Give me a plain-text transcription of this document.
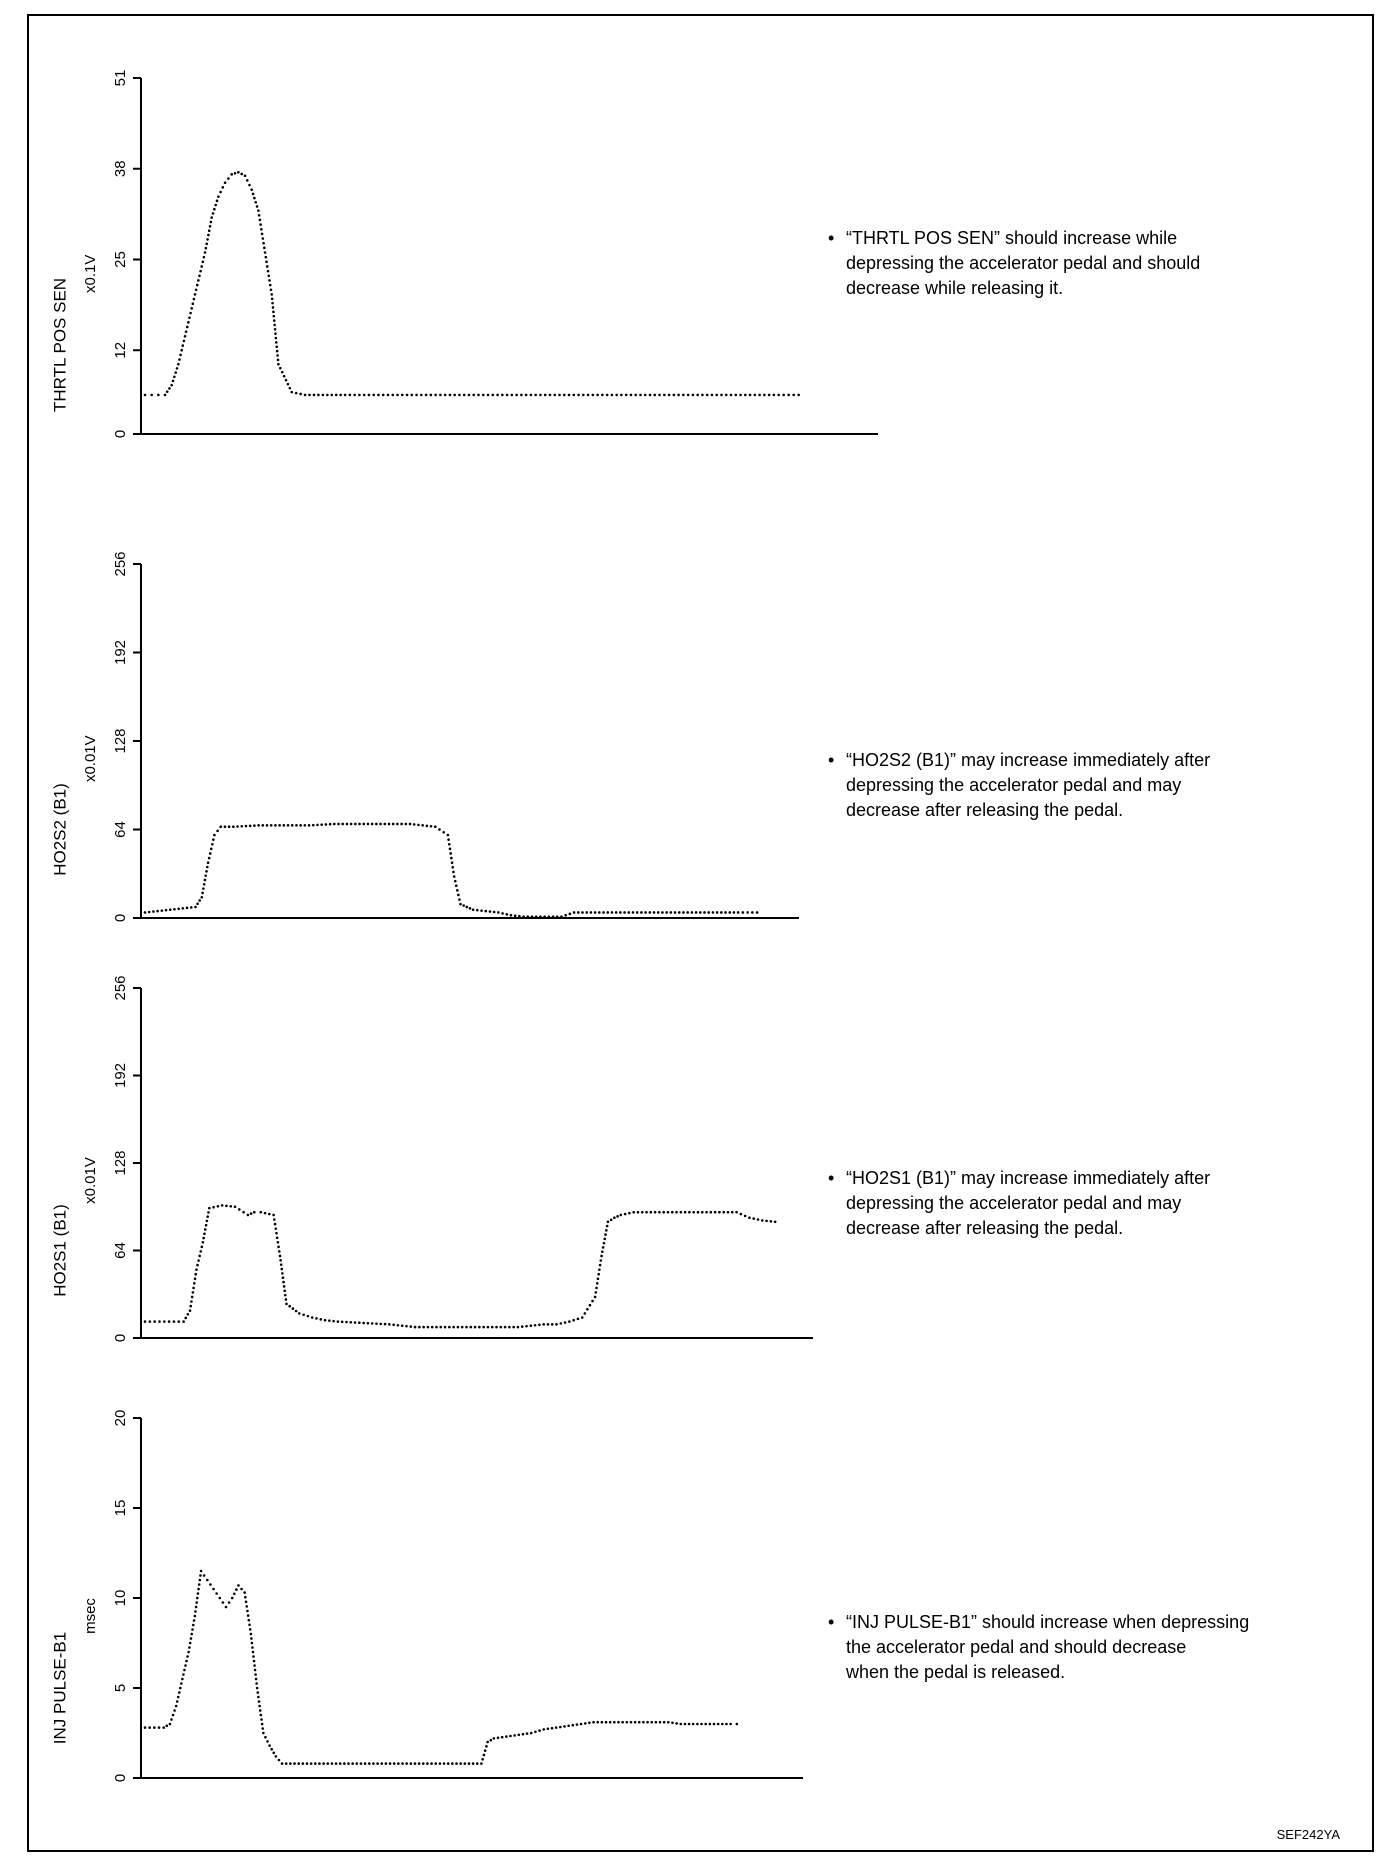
0
12
25
38
51
THRTL POS SEN
x0.1V
0
64
128
192
256
HO2S2 (B1)
x0.01V
0
64
128
192
256
HO2S1 (B1)
x0.01V
0
5
10
15
20
INJ PULSE-B1
msec
• “THRTL POS SEN” should increase while
depressing the accelerator pedal and should
decrease while releasing it.
• “HO2S2 (B1)” may increase immediately after
depressing the accelerator pedal and may
decrease after releasing the pedal.
• “HO2S1 (B1)” may increase immediately after
depressing the accelerator pedal and may
decrease after releasing the pedal.
• “INJ PULSE-B1” should increase when depressing
the accelerator pedal and should decrease
when the pedal is released.
SEF242YA
